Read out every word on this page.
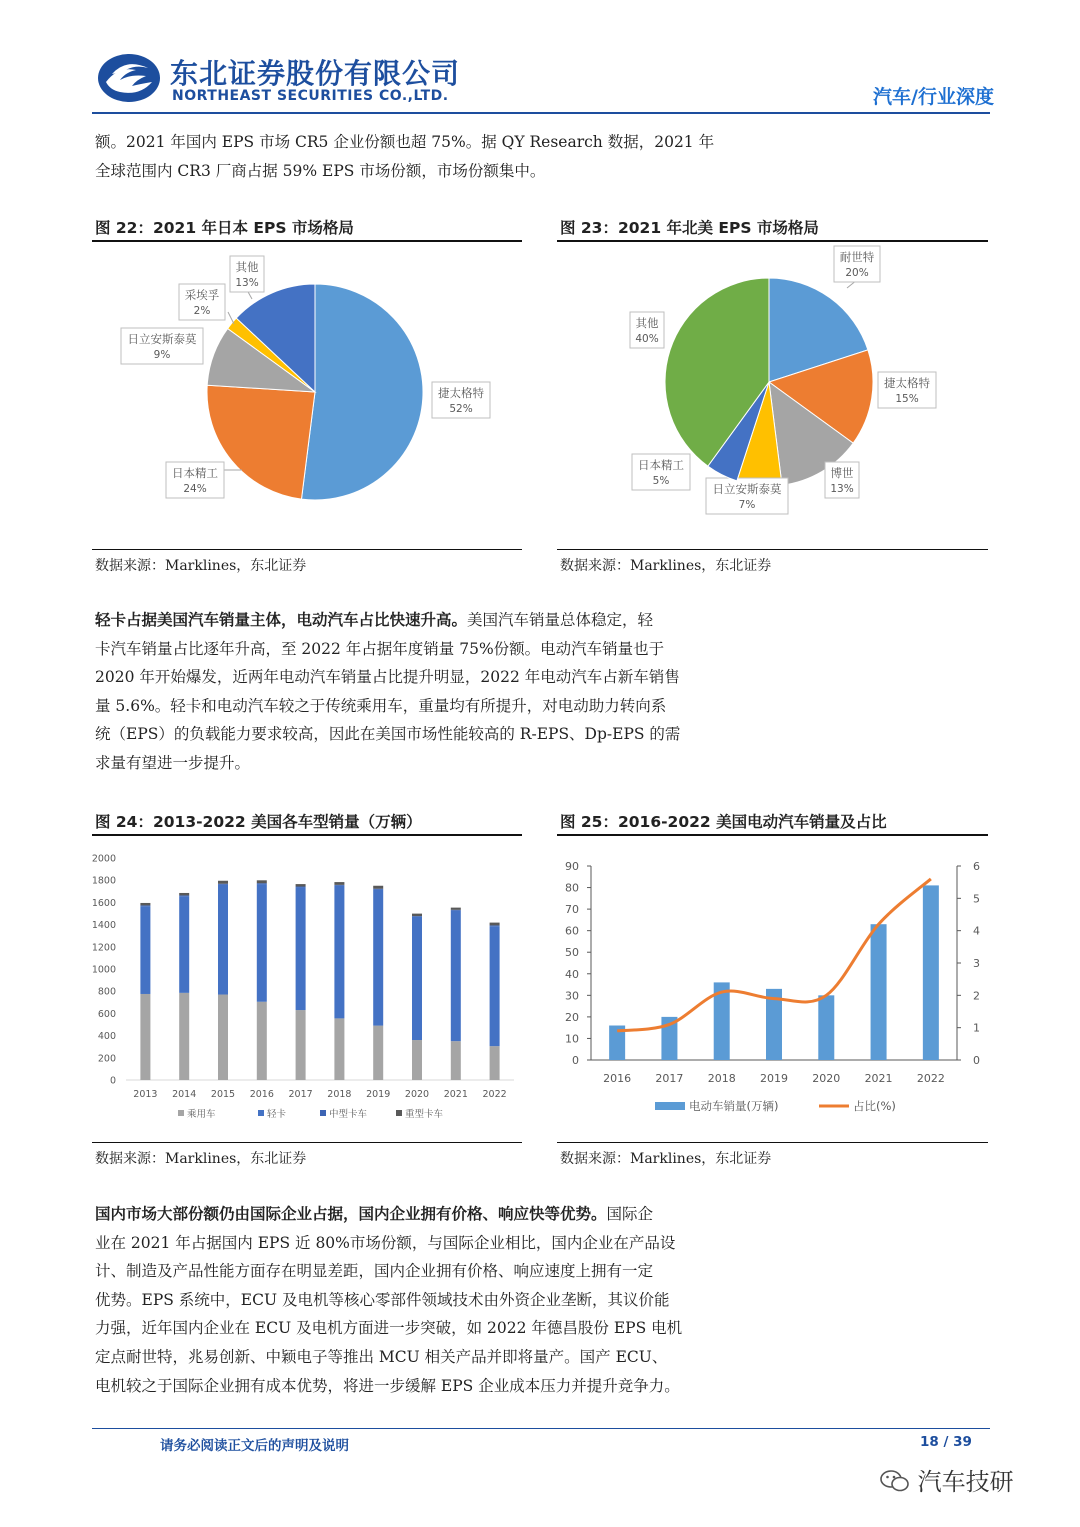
东北证券股份有限公司
NORTHEAST SECURITIES CO.,LTD.	汽车/行业深度
额。2021 年国内 EPS 市场 CR5 企业份额也超 75%。据 QY Research 数据，2021 年
全球范围内 CR3 厂商占据 59% EPS 市场份额，市场份额集中。
图 22：2021 年日本 EPS 市场格局
捷太格特
52%
日本精工
24%
日立安斯泰莫
9%
采埃孚
2%
其他
13%
数据来源：Marklines，东北证券
图 23：2021 年北美 EPS 市场格局
耐世特
20%
捷太格特
15%
博世
13%
日立安斯泰莫
7%
日本精工
5%
其他
40%
数据来源：Marklines，东北证券
轻卡占据美国汽车销量主体，电动汽车占比快速升高。美国汽车销量总体稳定，轻
卡汽车销量占比逐年升高，至 2022 年占据年度销量 75%份额。电动汽车销量也于
2020 年开始爆发，近两年电动汽车销量占比提升明显，2022 年电动汽车占新车销售
量 5.6%。轻卡和电动汽车较之于传统乘用车，重量均有所提升，对电动助力转向系
统（EPS）的负载能力要求较高，因此在美国市场性能较高的 R-EPS、Dp-EPS 的需
求量有望进一步提升。
图 24：2013-2022 美国各车型销量（万辆）
0
200
400
600
800
1000
1200
1400
1600
1800
2000
2013 2014 2015 2016 2017 2018 2019 2020 2021 2022
乘用车	轻卡	中型卡车	重型卡车
数据来源：Marklines，东北证券
图 25：2016-2022 美国电动汽车销量及占比
0
10
20
30
40
50
60
70
80
90
0
1
2
3
4
5
6
2016 2017 2018 2019 2020 2021 2022
电动车销量(万辆)	占比(%)
数据来源：Marklines，东北证券
国内市场大部份额仍由国际企业占据，国内企业拥有价格、响应快等优势。国际企
业在 2021 年占据国内 EPS 近 80%市场份额，与国际企业相比，国内企业在产品设
计、制造及产品性能方面存在明显差距，国内企业拥有价格、响应速度上拥有一定
优势。EPS 系统中，ECU 及电机等核心零部件领域技术由外资企业垄断，其议价能
力强，近年国内企业在 ECU 及电机方面进一步突破，如 2022 年德昌股份 EPS 电机
定点耐世特，兆易创新、中颖电子等推出 MCU 相关产品并即将量产。国产 ECU、
电机较之于国际企业拥有成本优势，将进一步缓解 EPS 企业成本压力并提升竞争力。
请务必阅读正文后的声明及说明	18 / 39
汽车技研
